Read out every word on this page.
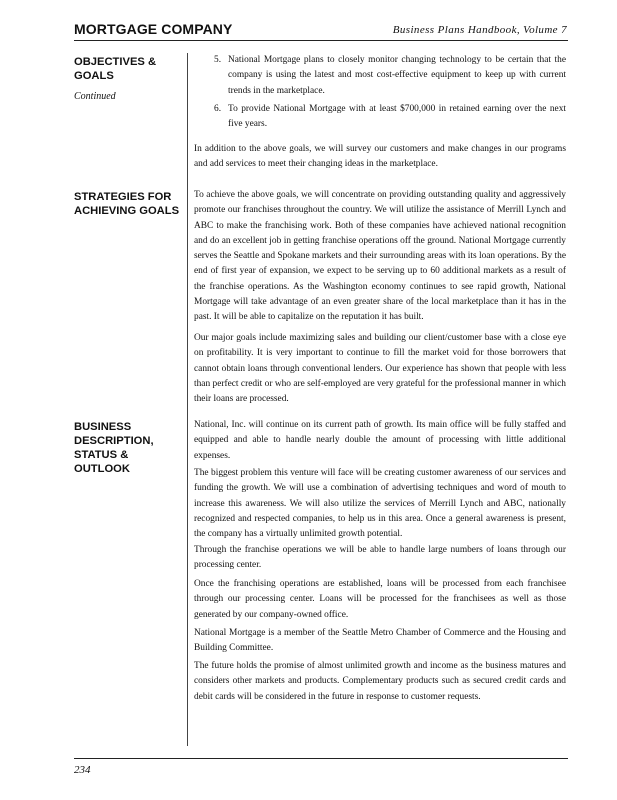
MORTGAGE COMPANY	Business Plans Handbook, Volume 7
OBJECTIVES &
GOALS
Continued
5. National Mortgage plans to closely monitor changing technology to be certain that the company is using the latest and most cost-effective equipment to keep up with current trends in the marketplace.

6. To provide National Mortgage with at least $700,000 in retained earning over the next five years.

In addition to the above goals, we will survey our customers and make changes in our programs and add services to meet their changing ideas in the marketplace.

STRATEGIES FOR
ACHIEVING GOALS

To achieve the above goals, we will concentrate on providing outstanding quality and aggressively promote our franchises throughout the country. We will utilize the assistance of Merrill Lynch and ABC to make the franchising work. Both of these companies have achieved national recognition and do an excellent job in getting franchise operations off the ground. National Mortgage currently serves the Seattle and Spokane markets and their surrounding areas with its loan operations. By the end of first year of expansion, we expect to be serving up to 60 additional markets as a result of the franchise operations. As the Washington economy continues to see rapid growth, National Mortgage will take advantage of an even greater share of the local marketplace than it has in the past. It will be able to capitalize on the reputation it has built.

Our major goals include maximizing sales and building our client/customer base with a close eye on profitability. It is very important to continue to fill the market void for those borrowers that cannot obtain loans through conventional lenders. Our experience has shown that people with less than perfect credit or who are self-employed are very grateful for the professional manner in which their loans are processed.

BUSINESS
DESCRIPTION,
STATUS &
OUTLOOK

National, Inc. will continue on its current path of growth. Its main office will be fully staffed and equipped and able to handle nearly double the amount of processing with little additional expenses.

The biggest problem this venture will face will be creating customer awareness of our services and funding the growth. We will use a combination of advertising techniques and word of mouth to increase this awareness. We will also utilize the services of Merrill Lynch and ABC, nationally recognized and respected companies, to help us in this area. Once a general awareness is present, the company has a virtually unlimited growth potential.

Through the franchise operations we will be able to handle large numbers of loans through our processing center.

Once the franchising operations are established, loans will be processed from each franchisee through our processing center. Loans will be processed for the franchisees as well as those generated by our company-owned office.

National Mortgage is a member of the Seattle Metro Chamber of Commerce and the Housing and Building Committee.

The future holds the promise of almost unlimited growth and income as the business matures and considers other markets and products. Complementary products such as secured credit cards and debit cards will be considered in the future in response to customer requests.

234
